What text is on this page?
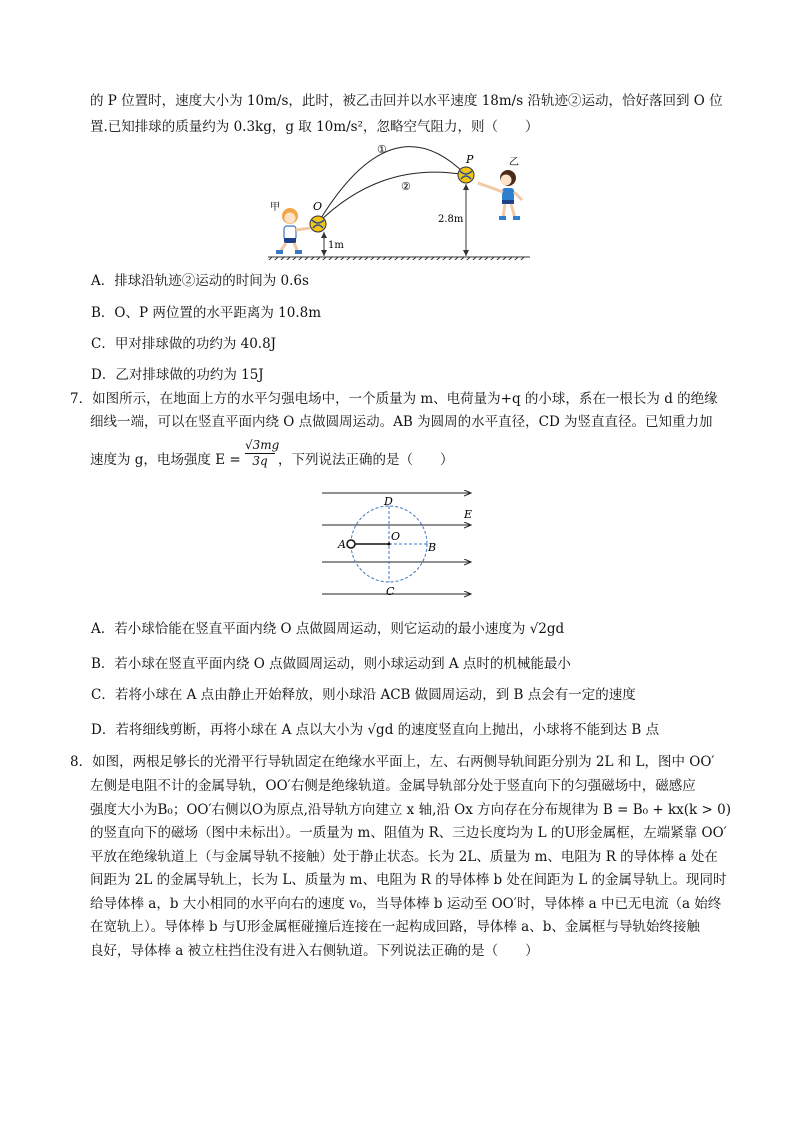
的 P 位置时，速度大小为 10m/s，此时，被乙击回并以水平速度 18m/s 沿轨迹②运动，恰好落回到 O 位
置.已知排球的质量约为 0.3kg，g 取 10m/s²，忽略空气阻力，则（　　）
①
②
O
P
1m
2.8m
甲
乙
A．排球沿轨迹②运动的时间为 0.6s
B．O、P 两位置的水平距离为 10.8m
C．甲对排球做的功约为 40.8J
D．乙对排球做的功约为 15J
7．如图所示，在地面上方的水平匀强电场中，一个质量为 m、电荷量为+q 的小球，系在一根长为 d 的绝缘
细线一端，可以在竖直平面内绕 O 点做圆周运动。AB 为圆周的水平直径，CD 为竖直直径。已知重力加
速度为 g，电场强度 $E = \frac{√3mg}{3q}$ ，下列说法正确的是（　　）
A	B
C
D
O
E
A．若小球恰能在竖直平面内绕 O 点做圆周运动，则它运动的最小速度为 √2gd
B．若小球在竖直平面内绕 O 点做圆周运动，则小球运动到 A 点时的机械能最小
C．若将小球在 A 点由静止开始释放，则小球沿 ACB 做圆周运动，到 B 点会有一定的速度
D．若将细线剪断，再将小球在 A 点以大小为 √gd 的速度竖直向上抛出，小球将不能到达 B 点
8．如图，两根足够长的光滑平行导轨固定在绝缘水平面上，左、右两侧导轨间距分别为 2L 和 L，图中 OO′
左侧是电阻不计的金属导轨，OO′右侧是绝缘轨道。金属导轨部分处于竖直向下的匀强磁场中，磁感应
强度大小为B₀；OO′右侧以O为原点,沿导轨方向建立 x 轴,沿 Ox 方向存在分布规律为 B = B₀ + kx(k > 0)
的竖直向下的磁场（图中未标出）。一质量为 m、阻值为 R、三边长度均为 L 的U形金属框，左端紧靠 OO′
平放在绝缘轨道上（与金属导轨不接触）处于静止状态。长为 2L、质量为 m、电阻为 R 的导体棒 a 处在
间距为 2L 的金属导轨上，长为 L、质量为 m、电阻为 R 的导体棒 b 处在间距为 L 的金属导轨上。现同时
给导体棒 a，b 大小相同的水平向右的速度 v₀，当导体棒 b 运动至 OO′时，导体棒 a 中已无电流（a 始终
在宽轨上）。导体棒 b 与U形金属框碰撞后连接在一起构成回路，导体棒 a、b、金属框与导轨始终接触
良好，导体棒 a 被立柱挡住没有进入右侧轨道。下列说法正确的是（　　）
